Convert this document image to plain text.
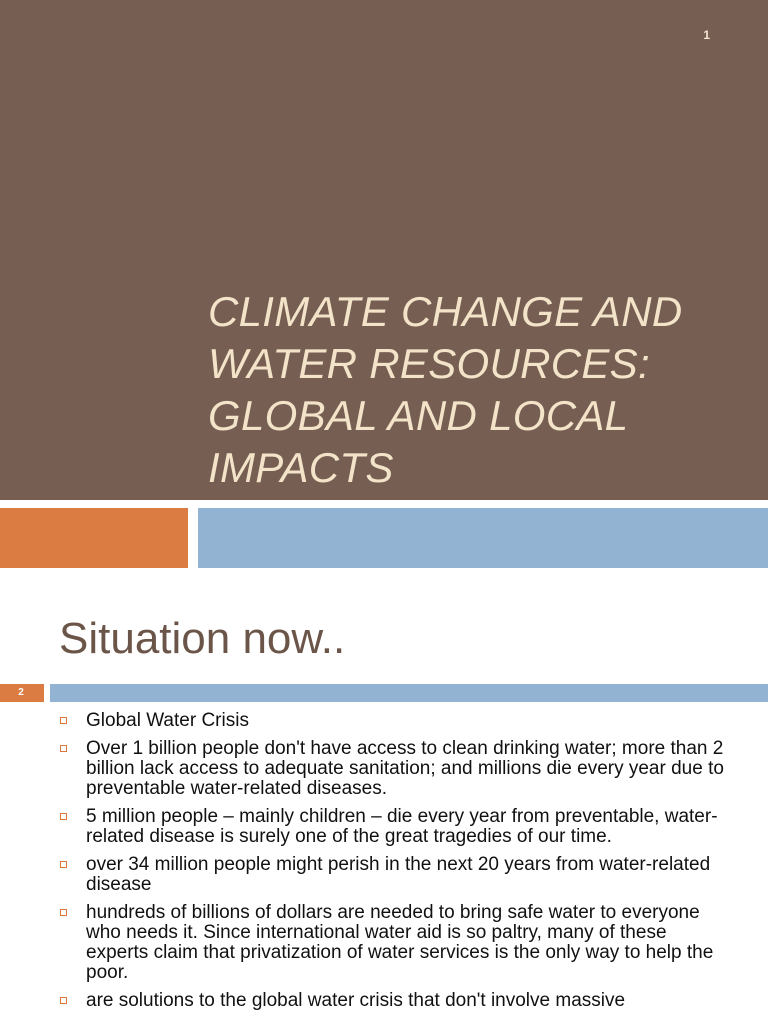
1
CLIMATE CHANGE AND WATER RESOURCES: GLOBAL AND LOCAL IMPACTS
Situation now..
2
Global Water Crisis
Over 1 billion people don't have access to clean drinking water; more than 2 billion lack access to adequate sanitation; and millions die every year due to preventable water-related diseases.
5 million people – mainly children – die every year from preventable, water-related disease is surely one of the great tragedies of our time.
over 34 million people might perish in the next 20 years from water-related disease
hundreds of billions of dollars are needed to bring safe water to everyone who needs it. Since international water aid is so paltry, many of these experts claim that privatization of water services is the only way to help the poor.
are solutions to the global water crisis that don't involve massive
